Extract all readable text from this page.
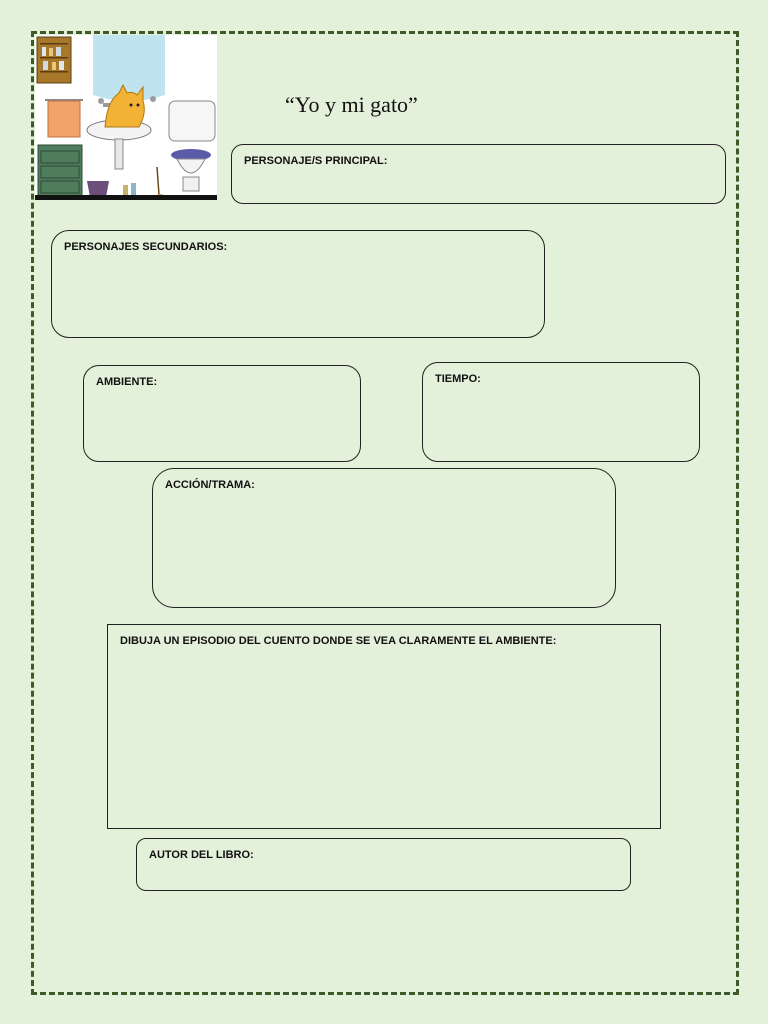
“Yo y mi gato”
PERSONAJE/S PRINCIPAL:
PERSONAJES SECUNDARIOS:
AMBIENTE:	TIEMPO:
ACCIÓN/TRAMA:
DIBUJA UN EPISODIO DEL CUENTO DONDE SE VEA CLARAMENTE EL AMBIENTE:
AUTOR DEL LIBRO:
